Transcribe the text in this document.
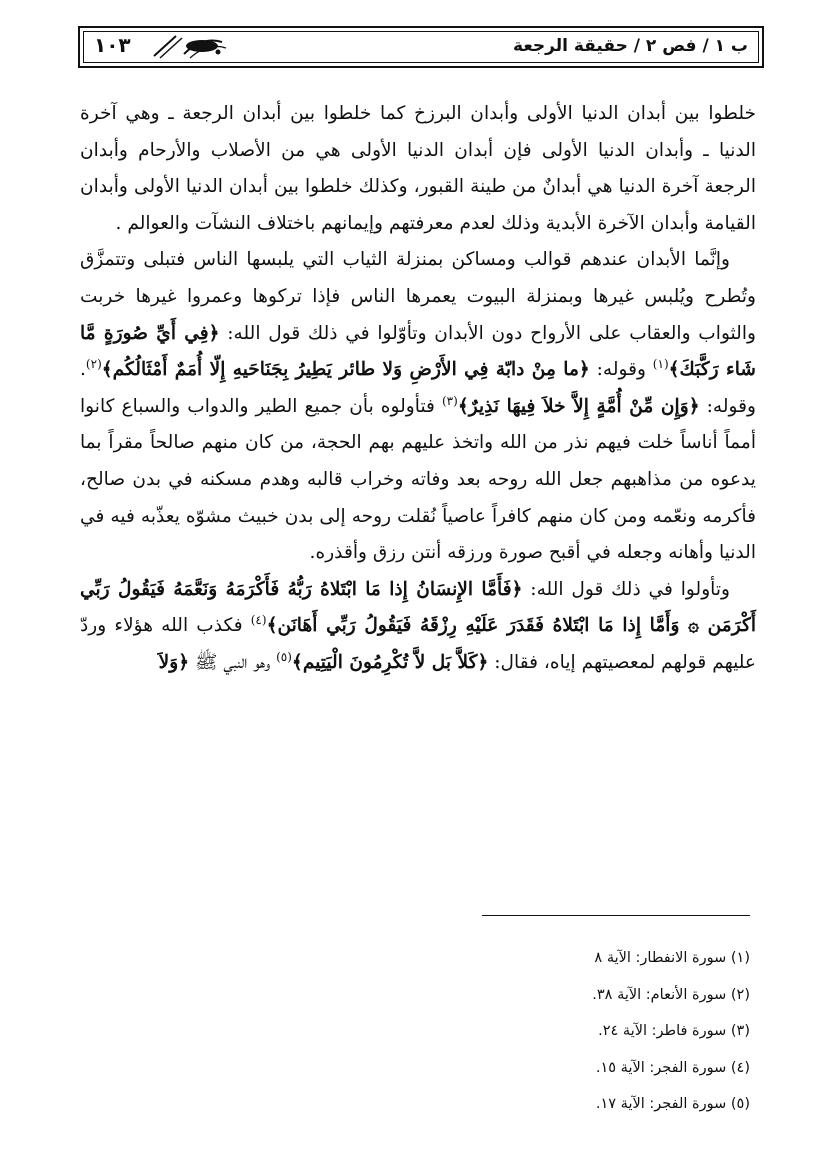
ب ١ / فص ٢ / حقيقة الرجعة
١٠٣

خلطوا بين أبدان الدنيا الأولى وأبدان البرزخ كما خلطوا بين أبدان الرجعة ـ وهي آخرة الدنيا ـ وأبدان الدنيا الأولى فإن أبدان الدنيا الأولى هي من الأصلاب والأرحام وأبدان الرجعة آخرة الدنيا هي أبدانٌ من طينة القبور، وكذلك خلطوا بين أبدان الدنيا الأولى وأبدان القيامة وأبدان الآخرة الأبدية وذلك لعدم معرفتهم وإيمانهم باختلاف النشآت والعوالم .

وإنَّما الأبدان عندهم قوالب ومساكن بمنزلة الثياب التي يلبسها الناس فتبلى وتتمزَّق وتُطرح ويُلبس غيرها وبمنزلة البيوت يعمرها الناس فإذا تركوها وعمروا غيرها خربت والثواب والعقاب على الأرواح دون الأبدان وتأوّلوا في ذلك قول الله: ﴿فِي أَيِّ صُورَةٍ مَّا شَاء رَكَّبَكَ﴾$^{(١)}$ وقوله: ﴿ما مِنْ دابّة فِي الأَرْضِ وَلا طائر يَطِيرُ بِجَنَاحَيهِ إِلّا أُمَمٌ أَمْثَالُكُم﴾$^{(٢)}$. وقوله: ﴿وَإِن مِّنْ أُمَّةٍ إِلاَّ خلاَ فِيهَا نَذِيرٌ﴾$^{(٣)}$ فتأولوه بأن جميع الطير والدواب والسباع كانوا أمماً أناساً خلت فيهم نذر من الله واتخذ عليهم بهم الحجة، من كان منهم صالحاً مقراً بما يدعوه من مذاهبهم جعل الله روحه بعد وفاته وخراب قالبه وهدم مسكنه في بدن صالح، فأكرمه ونعّمه ومن كان منهم كافراً عاصياً نُقلت روحه إلى بدن خبيث مشوّه يعذّبه فيه في الدنيا وأهانه وجعله في أقبح صورة ورزقه أنتن رزق وأقذره.

وتأولوا في ذلك قول الله: ﴿فَأَمَّا الإِنسَانُ إِذا مَا ابْتَلاهُ رَبُّهُ فَأَكْرَمَهُ وَنَعَّمَهُ فَيَقُولُ رَبِّي أَكْرَمَن ۞ وَأَمَّا إِذا مَا ابْتَلاهُ فَقَدَرَ عَلَيْهِ رِزْقَهُ فَيَقُولُ رَبِّي أَهَانَن﴾$^{(٤)}$ فكذب الله هؤلاء وردّ عليهم قولهم لمعصيتهم إياه، فقال: ﴿كَلاَّ بَل لاَّ تُكْرِمُونَ الْيَتِيم﴾$^{(٥)}$ وهو النبي ﷺ ﴿وَلاَ

(١) سورة الانفطار: الآية ٨
(٢) سورة الأنعام: الآية ٣٨.
(٣) سورة فاطر: الآية ٢٤.
(٤) سورة الفجر: الآية ١٥.
(٥) سورة الفجر: الآية ١٧.
